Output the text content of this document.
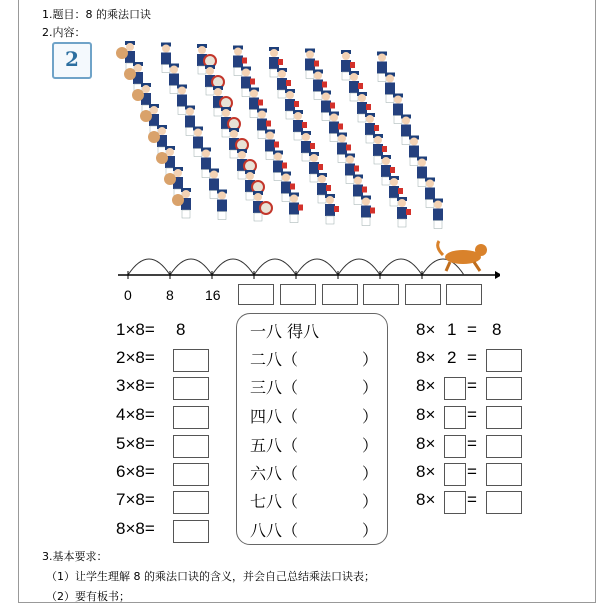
1.题目：8 的乘法口诀
2.内容：
2
0 8 16
1×8= 8
2×8=
3×8=
4×8=
5×8=
6×8=
7×8=
8×8=
一八 得八
二八（	）
三八（	）
四八（	）
五八（	）
六八（	）
七八（	）
八八（	）
8× 1 = 8
8× 2 =
8× =
8× =
8× =
8× =
8× =
3.基本要求：
（1）让学生理解 8 的乘法口诀的含义，并会自己总结乘法口诀表；
（2）要有板书；
